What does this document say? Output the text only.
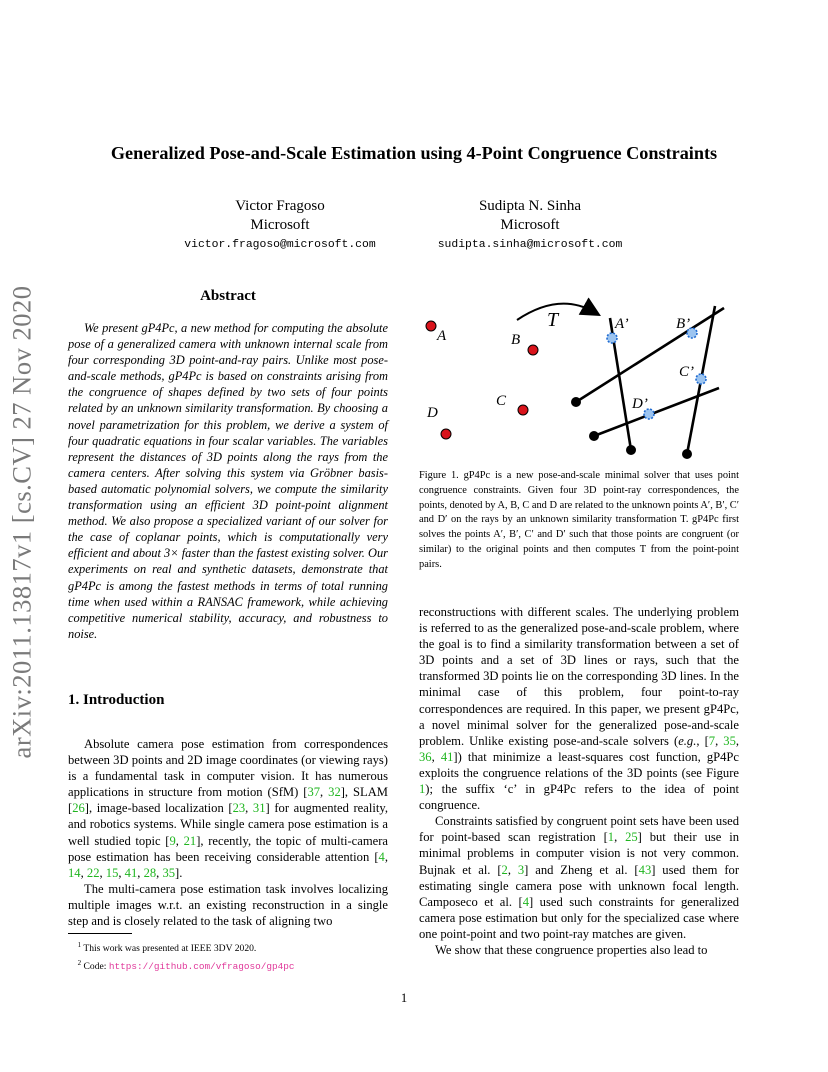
Generalized Pose-and-Scale Estimation using 4-Point Congruence Constraints
Victor Fragoso
Microsoft
victor.fragoso@microsoft.com
Sudipta N. Sinha
Microsoft
sudipta.sinha@microsoft.com
arXiv:2011.13817v1 [cs.CV] 27 Nov 2020	Abstract
We present gP4Pc, a new method for computing the absolute pose of a generalized camera with unknown internal scale from four corresponding 3D point-and-ray pairs. Unlike most pose-and-scale methods, gP4Pc is based on constraints arising from the congruence of shapes defined by two sets of four points related by an unknown similarity transformation. By choosing a novel parametrization for this problem, we derive a system of four quadratic equations in four scalar variables. The variables represent the distances of 3D points along the rays from the camera centers. After solving this system via Gröbner basis-based automatic polynomial solvers, we compute the similarity transformation using an efficient 3D point-point alignment method. We also propose a specialized variant of our solver for the case of coplanar points, which is computationally very efficient and about 3× faster than the fastest existing solver. Our experiments on real and synthetic datasets, demonstrate that gP4Pc is among the fastest methods in terms of total running time when used within a RANSAC framework, while achieving competitive numerical stability, accuracy, and robustness to noise.
1. Introduction

Absolute camera pose estimation from correspondences between 3D points and 2D image coordinates (or viewing rays) is a fundamental task in computer vision. It has numerous applications in structure from motion (SfM) [37, 32], SLAM [26], image-based localization [23, 31] for augmented reality, and robotics systems. While single camera pose estimation is a well studied topic [9, 21], recently, the topic of multi-camera pose estimation has been receiving considerable attention [4, 14, 22, 15, 41, 28, 35].

The multi-camera pose estimation task involves localizing multiple images w.r.t. an existing reconstruction in a single step and is closely related to the task of aligning two

$^1$ This work was presented at IEEE 3DV 2020.
$^2$ Code: https://github.com/vfragoso/gp4pc
T
A	B
C
D
A’	B’
C’
D’
Figure 1. gP4Pc is a new pose-and-scale minimal solver that uses point congruence constraints. Given four 3D point-ray correspondences, the points, denoted by A, B, C and D are related to the unknown points A′, B′, C′ and D′ on the rays by an unknown similarity transformation T. gP4Pc first solves the points A′, B′, C′ and D′ such that those points are congruent (or similar) to the original points and then computes T from the point-point pairs.

reconstructions with different scales. The underlying problem is referred to as the generalized pose-and-scale problem, where the goal is to find a similarity transformation between a set of 3D points and a set of 3D lines or rays, such that the transformed 3D points lie on the corresponding 3D lines. In the minimal case of this problem, four point-to-ray correspondences are required. In this paper, we present gP4Pc, a novel minimal solver for the generalized pose-and-scale problem. Unlike existing pose-and-scale solvers (e.g., [7, 35, 36, 41]) that minimize a least-squares cost function, gP4Pc exploits the congruence relations of the 3D points (see Figure 1); the suffix ‘c’ in gP4Pc refers to the idea of point congruence.

Constraints satisfied by congruent point sets have been used for point-based scan registration [1, 25] but their use in minimal problems in computer vision is not very common. Bujnak et al. [2, 3] and Zheng et al. [43] used them for estimating single camera pose with unknown focal length. Camposeco et al. [4] used such constraints for generalized camera pose estimation but only for the specialized case where one point-point and two point-ray matches are given.

We show that these congruence properties also lead to

1
